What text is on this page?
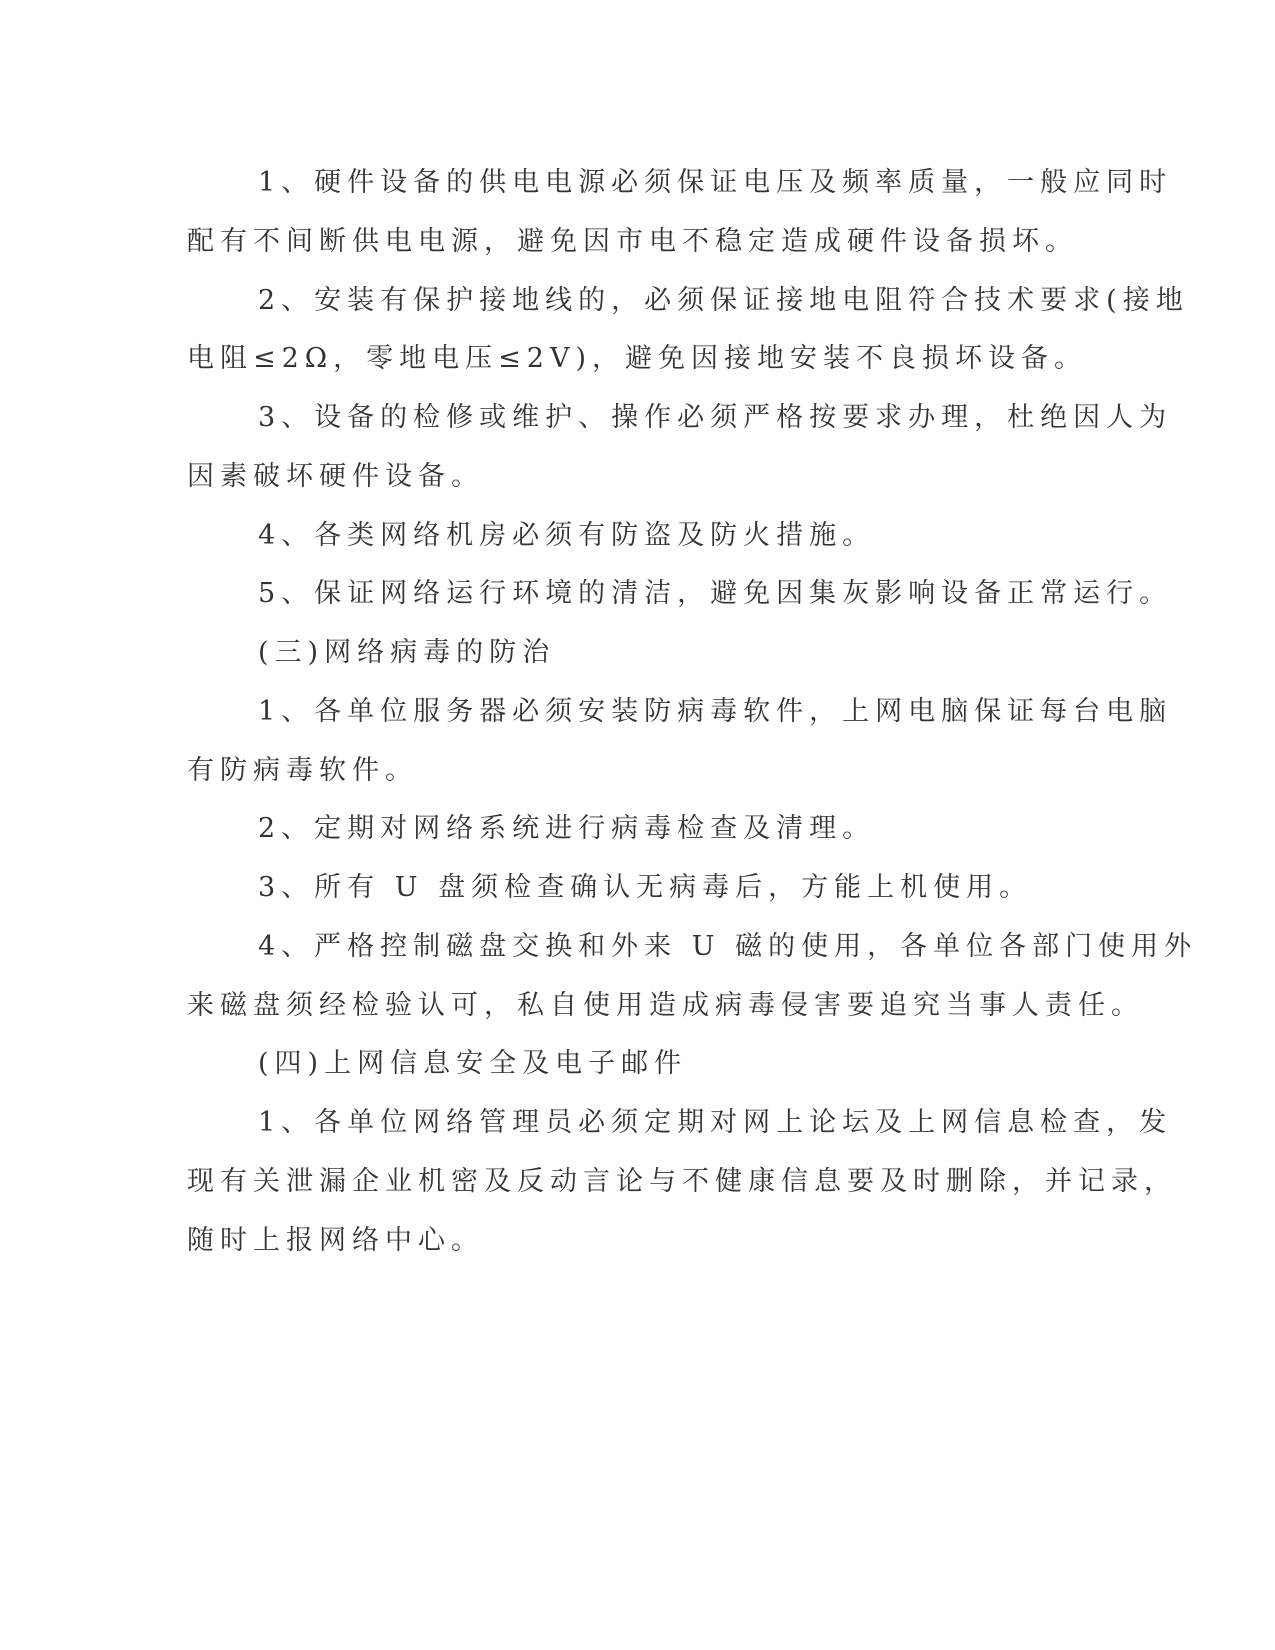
1、硬件设备的供电电源必须保证电压及频率质量，一般应同时
配有不间断供电电源，避免因市电不稳定造成硬件设备损坏。
2、安装有保护接地线的，必须保证接地电阻符合技术要求(接地
电阻≤2Ω，零地电压≤2V)，避免因接地安装不良损坏设备。
3、设备的检修或维护、操作必须严格按要求办理，杜绝因人为
因素破坏硬件设备。
4、各类网络机房必须有防盗及防火措施。
5、保证网络运行环境的清洁，避免因集灰影响设备正常运行。
(三)网络病毒的防治
1、各单位服务器必须安装防病毒软件，上网电脑保证每台电脑
有防病毒软件。
2、定期对网络系统进行病毒检查及清理。
3、所有 U 盘须检查确认无病毒后，方能上机使用。
4、严格控制磁盘交换和外来 U 磁的使用，各单位各部门使用外
来磁盘须经检验认可，私自使用造成病毒侵害要追究当事人责任。
(四)上网信息安全及电子邮件
1、各单位网络管理员必须定期对网上论坛及上网信息检查，发
现有关泄漏企业机密及反动言论与不健康信息要及时删除，并记录，
随时上报网络中心。
